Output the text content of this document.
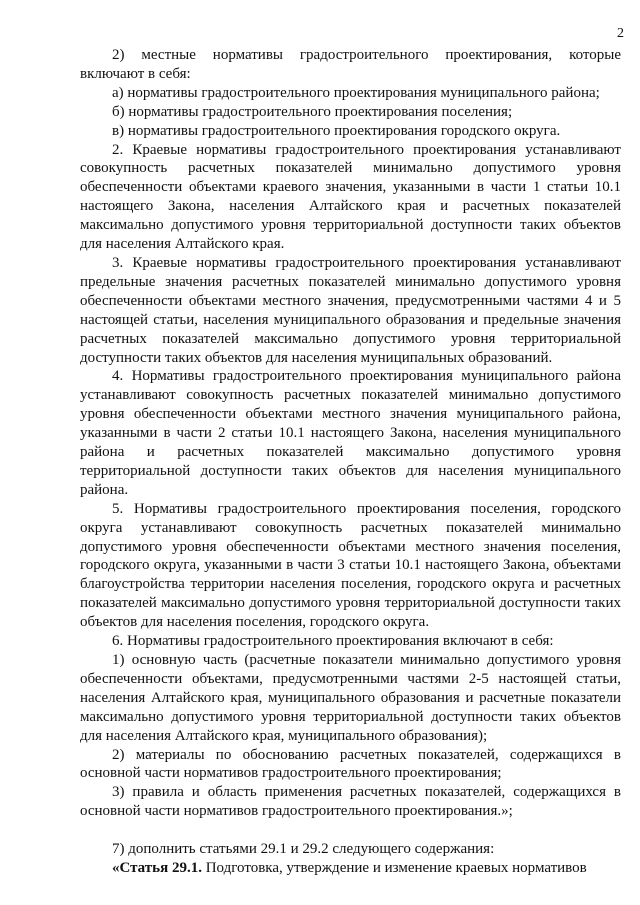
2

2) местные нормативы градостроительного проектирования, которые включают в себя:

а) нормативы градостроительного проектирования муниципального района;

б) нормативы градостроительного проектирования поселения;

в) нормативы градостроительного проектирования городского округа.

2. Краевые нормативы градостроительного проектирования устанавливают совокупность расчетных показателей минимально допустимого уровня обеспеченности объектами краевого значения, указанными в части 1 статьи 10.1 настоящего Закона, населения Алтайского края и расчетных показателей максимально допустимого уровня территориальной доступности таких объектов для населения Алтайского края.

3. Краевые нормативы градостроительного проектирования устанавливают предельные значения расчетных показателей минимально допустимого уровня обеспеченности объектами местного значения, предусмотренными частями 4 и 5 настоящей статьи, населения муниципального образования и предельные значения расчетных показателей максимально допустимого уровня территориальной доступности таких объектов для населения муниципальных образований.

4. Нормативы градостроительного проектирования муниципального района устанавливают совокупность расчетных показателей минимально допустимого уровня обеспеченности объектами местного значения муниципального района, указанными в части 2 статьи 10.1 настоящего Закона, населения муниципального района и расчетных показателей максимально допустимого уровня территориальной доступности таких объектов для населения муниципального района.

5. Нормативы градостроительного проектирования поселения, городского округа устанавливают совокупность расчетных показателей минимально допустимого уровня обеспеченности объектами местного значения поселения, городского округа, указанными в части 3 статьи 10.1 настоящего Закона, объектами благоустройства территории населения поселения, городского округа и расчетных показателей максимально допустимого уровня территориальной доступности таких объектов для населения поселения, городского округа.

6. Нормативы градостроительного проектирования включают в себя:

1) основную часть (расчетные показатели минимально допустимого уровня обеспеченности объектами, предусмотренными частями 2-5 настоящей статьи, населения Алтайского края, муниципального образования и расчетные показатели максимально допустимого уровня территориальной доступности таких объектов для населения Алтайского края, муниципального образования);

2) материалы по обоснованию расчетных показателей, содержащихся в основной части нормативов градостроительного проектирования;

3) правила и область применения расчетных показателей, содержащихся в основной части нормативов градостроительного проектирования.»;

7) дополнить статьями 29.1 и 29.2 следующего содержания:

«Статья 29.1. Подготовка, утверждение и изменение краевых нормативов
